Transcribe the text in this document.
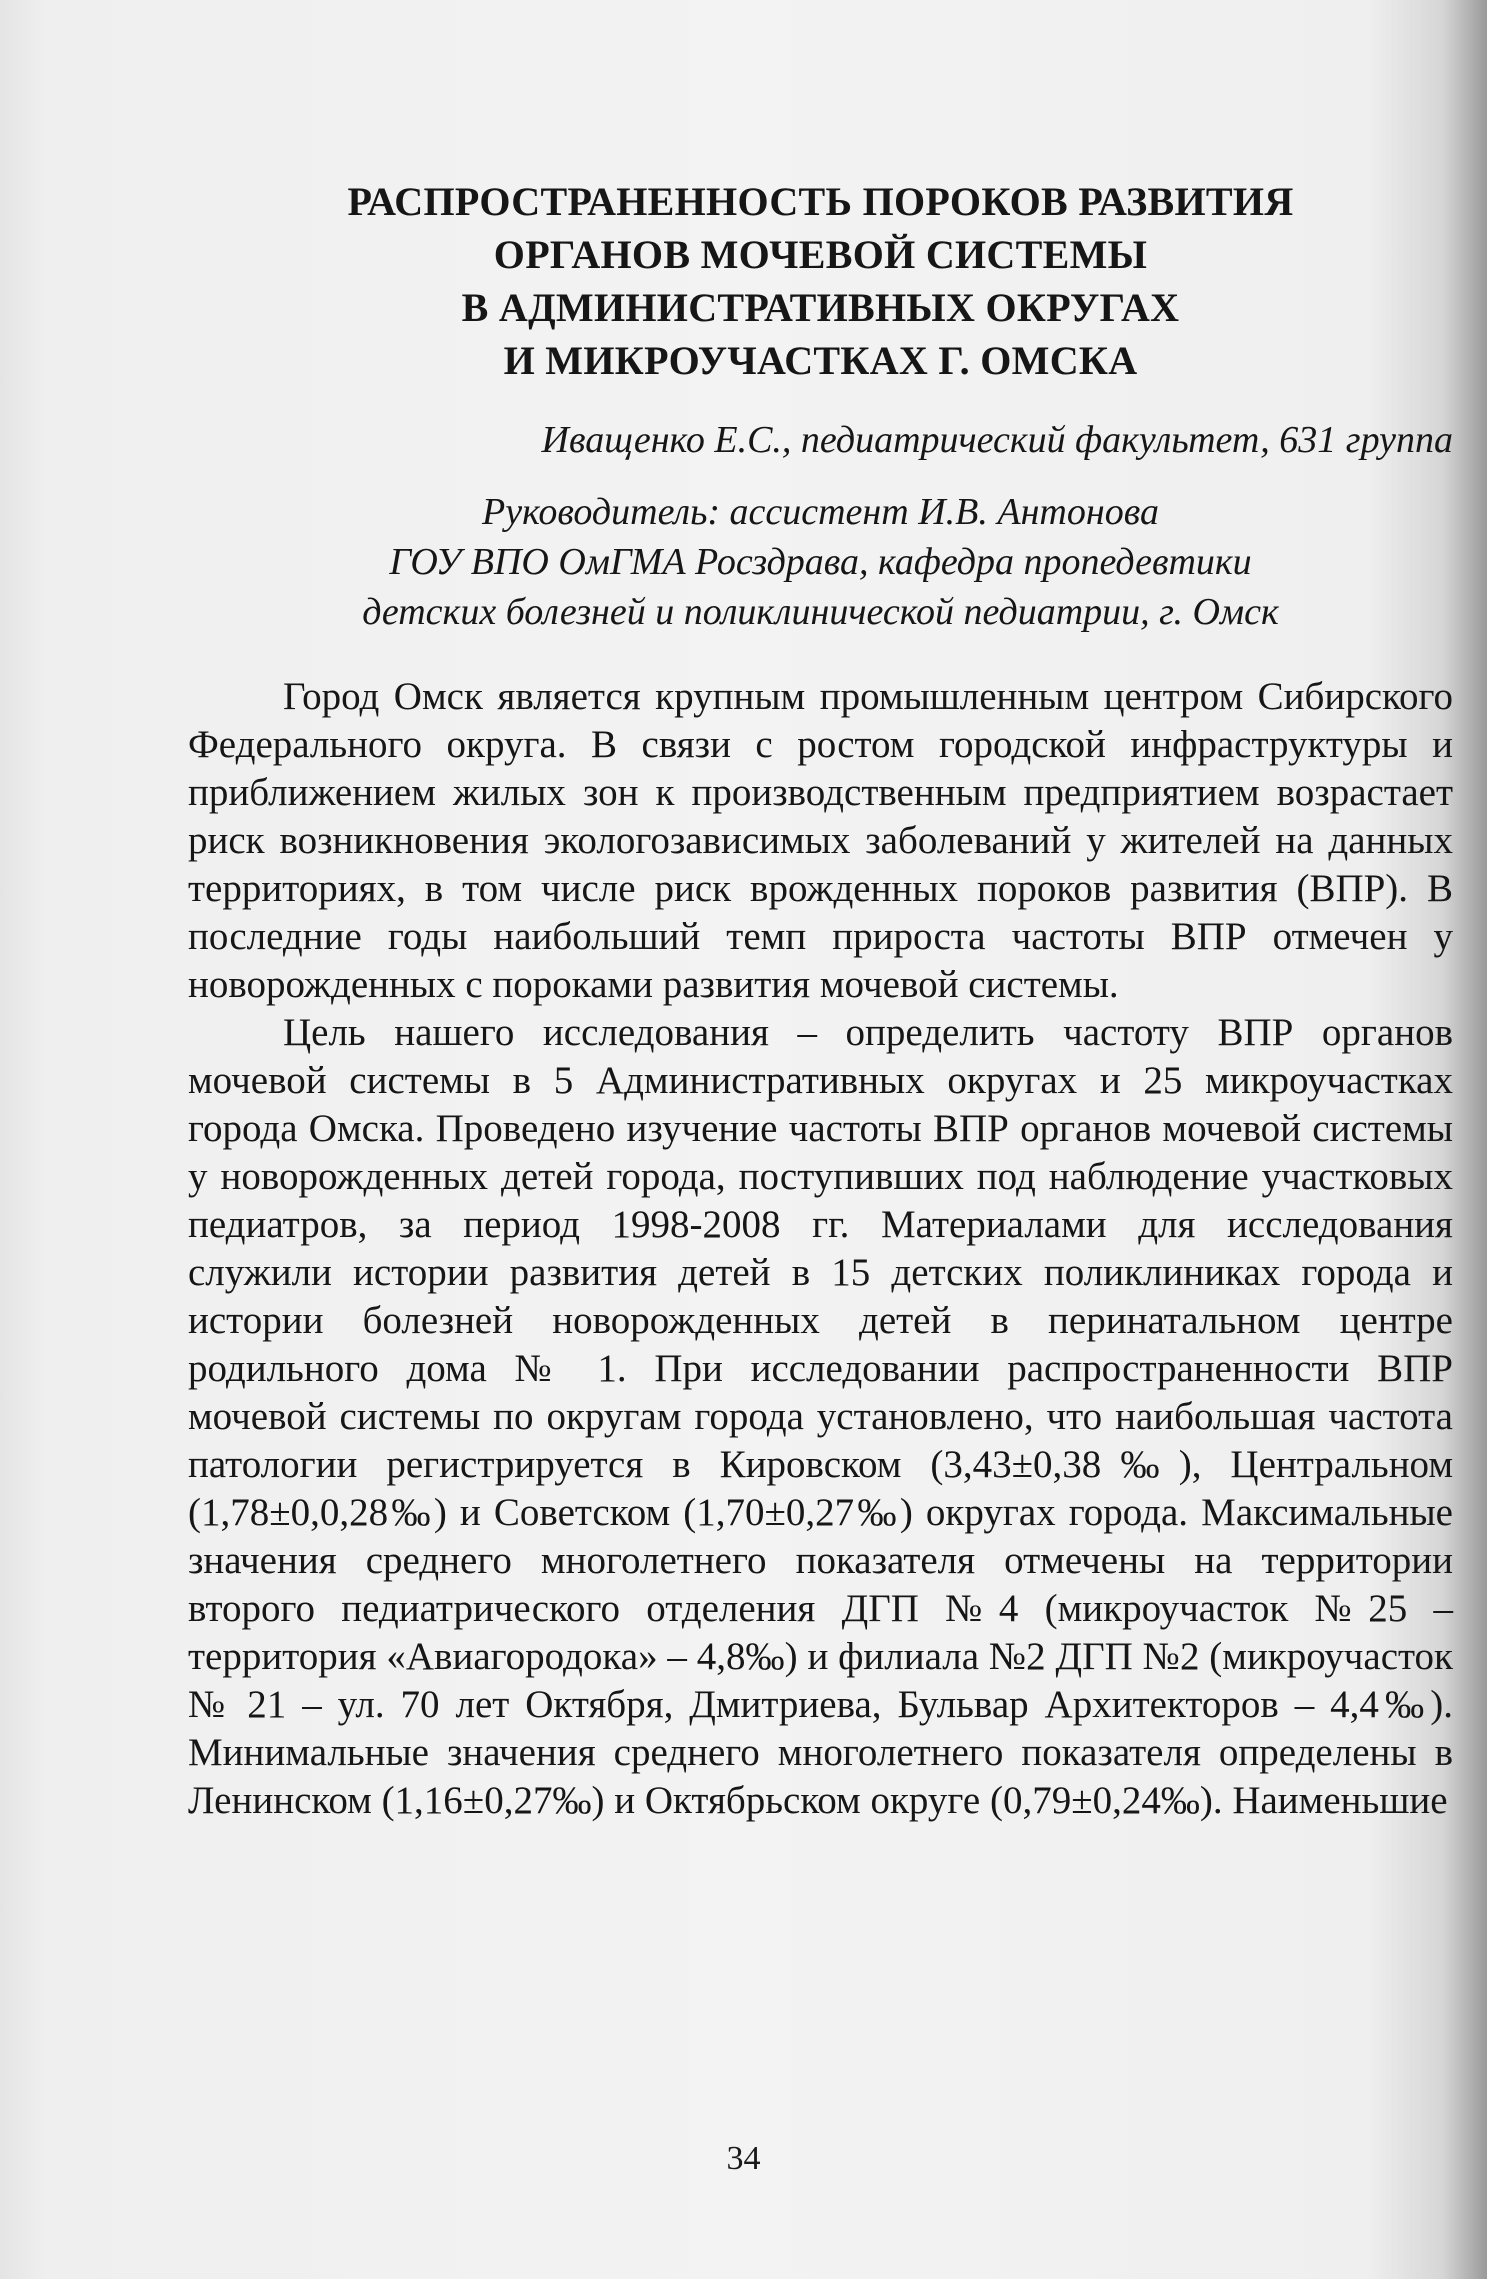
РАСПРОСТРАНЕННОСТЬ ПОРОКОВ РАЗВИТИЯ
ОРГАНОВ МОЧЕВОЙ СИСТЕМЫ
В АДМИНИСТРАТИВНЫХ ОКРУГАХ
И МИКРОУЧАСТКАХ Г. ОМСКА

Иващенко Е.С., педиатрический факультет, 631 группа

Руководитель: ассистент И.В. Антонова

ГОУ ВПО ОмГМА Росздрава, кафедра пропедевтики

детских болезней и поликлинической педиатрии, г. Омск

Город Омск является крупным промышленным центром Сибирского Федерального округа. В связи с ростом городской инфраструктуры и приближением жилых зон к производственным предприятием возрастает риск возникновения экологозависимых заболеваний у жителей на данных территориях, в том числе риск врожденных пороков развития (ВПР). В последние годы наибольший темп прироста частоты ВПР отмечен у новорожденных с пороками развития мочевой системы.

Цель нашего исследования – определить частоту ВПР органов мочевой системы в 5 Административных округах и 25 микроучастках города Омска. Проведено изучение частоты ВПР органов мочевой системы у новорожденных детей города, поступивших под наблюдение участковых педиатров, за период 1998-2008 гг. Материалами для исследования служили истории развития детей в 15 детских поликлиниках города и истории болезней новорожденных детей в перинатальном центре родильного дома № 1. При исследовании распространенности ВПР мочевой системы по округам города установлено, что наибольшая частота патологии регистрируется в Кировском (3,43±0,38‰), Центральном (1,78±0,0,28‰) и Советском (1,70±0,27‰) округах города. Максимальные значения среднего многолетнего показателя отмечены на территории второго педиатрического отделения ДГП №4 (микроучасток №25 – территория «Авиагородока» – 4,8‰) и филиала №2 ДГП №2 (микроучасток № 21 – ул. 70 лет Октября, Дмитриева, Бульвар Архитекторов – 4,4‰). Минимальные значения среднего многолетнего показателя определены в Ленинском (1,16±0,27‰) и Октябрьском округе (0,79±0,24‰). Наименьшие

34
